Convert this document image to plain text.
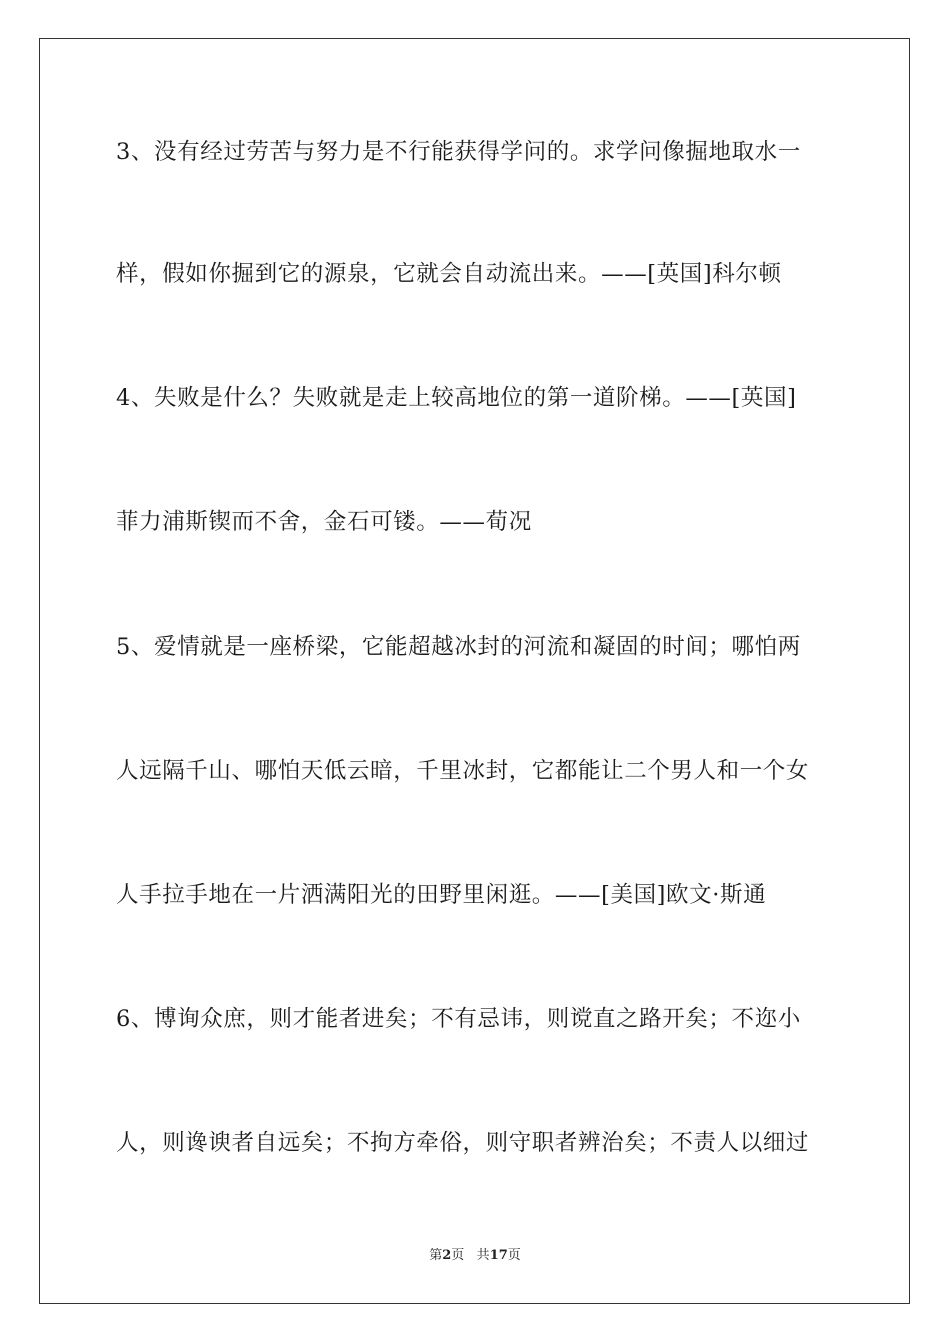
3、没有经过劳苦与努力是不行能获得学问的。求学问像掘地取水一
样，假如你掘到它的源泉，它就会自动流出来。——[英国]科尔顿
4、失败是什么？失败就是走上较高地位的第一道阶梯。——[英国]
菲力浦斯锲而不舍，金石可镂。——荀况
5、爱情就是一座桥梁，它能超越冰封的河流和凝固的时间；哪怕两
人远隔千山、哪怕天低云暗，千里冰封，它都能让二个男人和一个女
人手拉手地在一片洒满阳光的田野里闲逛。——[美国]欧文·斯通
6、博询众庶，则才能者进矣；不有忌讳，则谠直之路开矣；不迩小
人，则谗谀者自远矣；不拘方牵俗，则守职者辨治矣；不责人以细过
第2页 共17页
